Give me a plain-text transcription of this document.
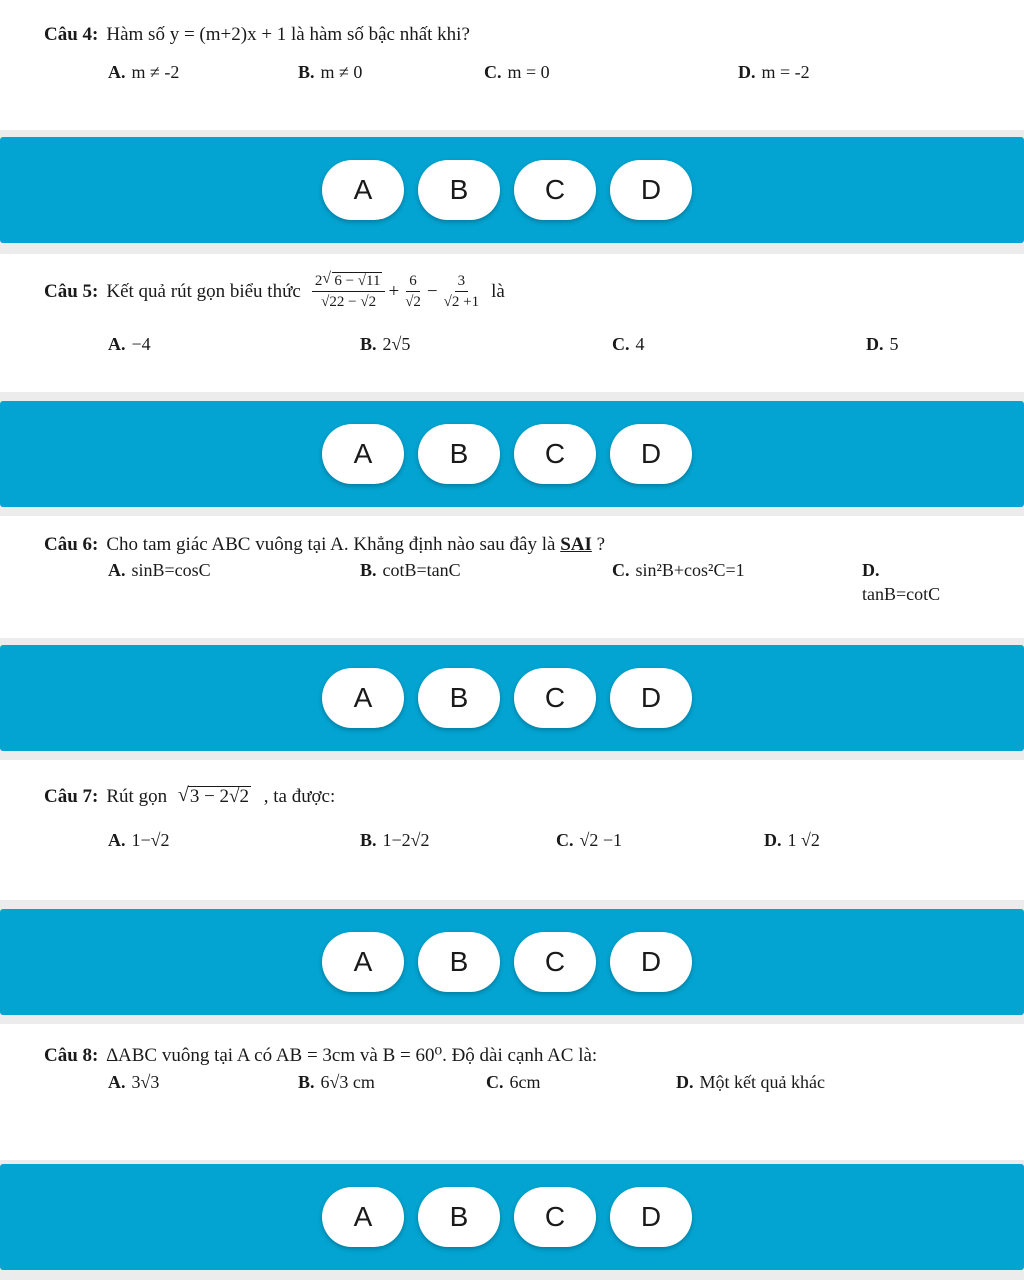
Câu 4: Hàm số y = (m+2)x + 1 là hàm số bậc nhất khi?
A. m ≠ -2	B. m ≠ 0	C. m = 0	D. m = -2
A	B	C	D
Câu 5: Kết quả rút gọn biểu thức $\frac{2 √ 6 - √11}{√22 - √2} + \frac{6}{√2} - \frac{3}{√2 +1}$ là
A. −4	B. 2√5	C. 4	D. 5
A	B	C	D
Câu 6: Cho tam giác ABC vuông tại A. Khẳng định nào sau đây là SAI ?
A. sinB=cosC	B. cotB=tanC	C. sin²B+cos²C=1	D.
tanB=cotC
A	B	C	D
Câu 7: Rút gọn √ 3 − 2√2 , ta được:
A. 1−√2	B. 1−2√2	C. √2 −1	D. 1 √2
A	B	C	D
Câu 8: ∆ABC vuông tại A có AB = 3cm và B = 60⁰. Độ dài cạnh AC là:
A. 3√3	B. 6√3 cm	C. 6cm	D. Một kết quả khác
A	B	C	D
